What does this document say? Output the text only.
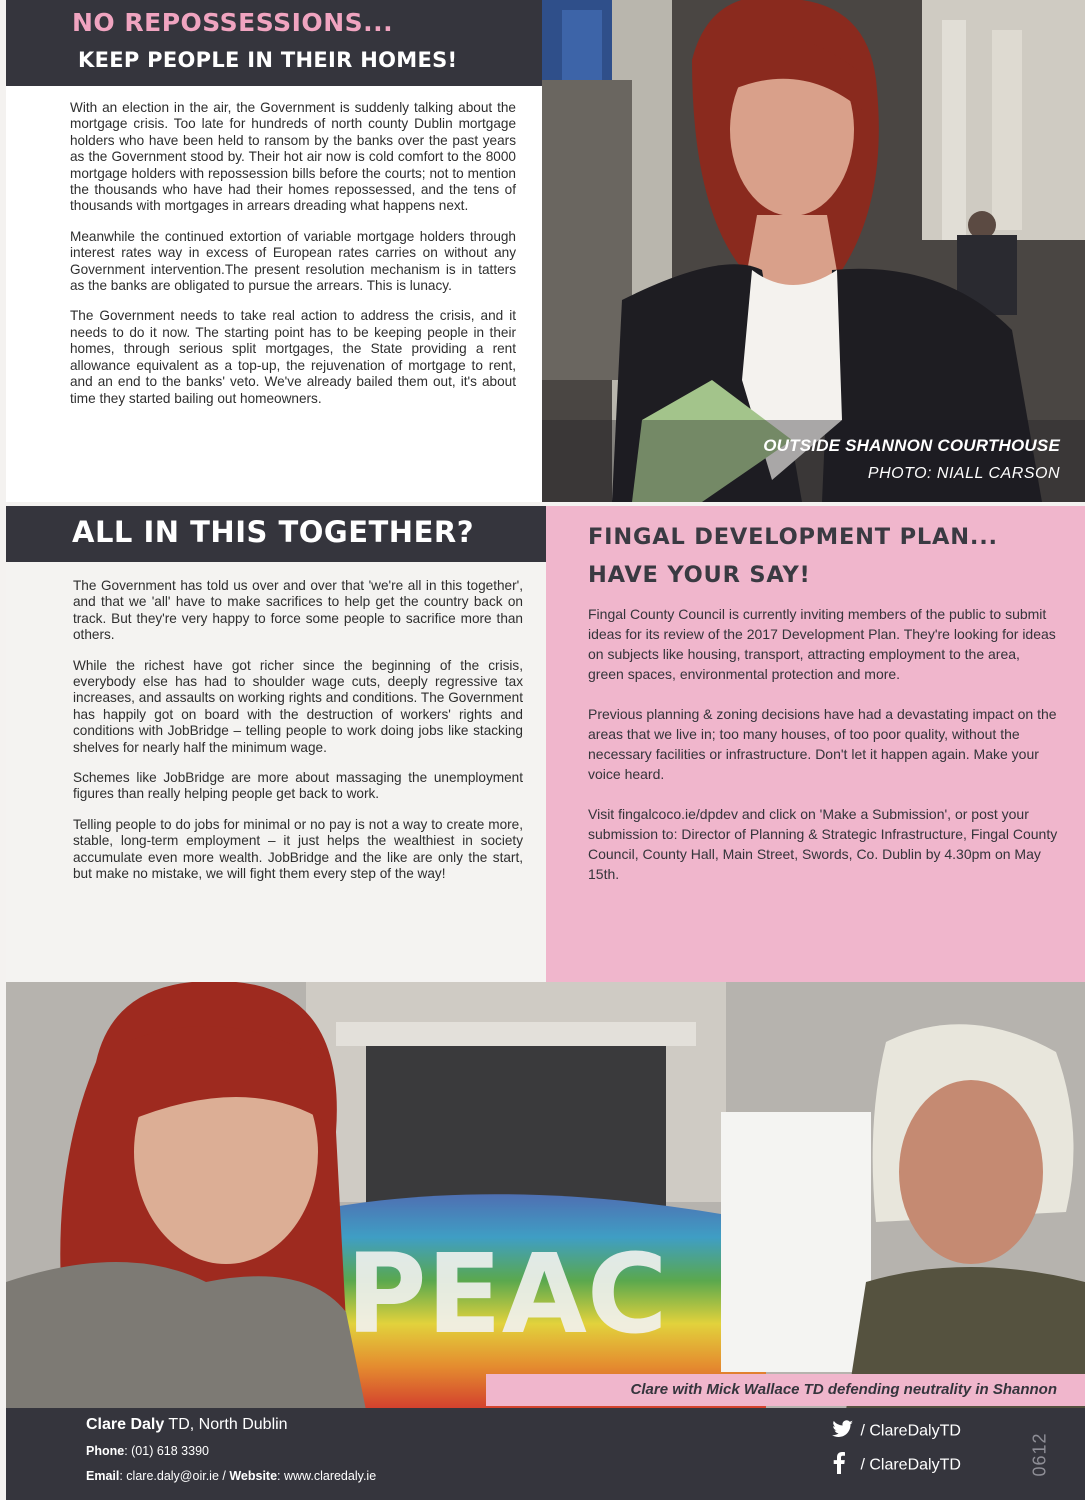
NO REPOSSESSIONS...
KEEP PEOPLE IN THEIR HOMES!

With an election in the air, the Government is suddenly talking about the mortgage crisis. Too late for hundreds of north county Dublin mortgage holders who have been held to ransom by the banks over the past years as the Government stood by. Their hot air now is cold comfort to the 8000 mortgage holders with repossession bills before the courts; not to mention the thousands who have had their homes repossessed, and the tens of thousands with mortgages in arrears dreading what happens next.

Meanwhile the continued extortion of variable mortgage holders through interest rates way in excess of European rates carries on without any Government intervention.The present resolution mechanism is in tatters as the banks are obligated to pursue the arrears. This is lunacy.

The Government needs to take real action to address the crisis, and it needs to do it now. The starting point has to be keeping people in their homes, through serious split mortgages, the State providing a rent allowance equivalent as a top-up, the rejuvenation of mortgage to rent, and an end to the banks' veto. We've already bailed them out, it's about time they started bailing out homeowners.

OUTSIDE SHANNON COURTHOUSE
PHOTO: NIALL CARSON
ALL IN THIS TOGETHER?

The Government has told us over and over that 'we're all in this together', and that we 'all' have to make sacrifices to help get the country back on track. But they're very happy to force some people to sacrifice more than others.

While the richest have got richer since the beginning of the crisis, everybody else has had to shoulder wage cuts, deeply regressive tax increases, and assaults on working rights and conditions. The Government has happily got on board with the destruction of workers' rights and conditions with JobBridge – telling people to work doing jobs like stacking shelves for nearly half the minimum wage.

Schemes like JobBridge are more about massaging the unemployment figures than really helping people get back to work.

Telling people to do jobs for minimal or no pay is not a way to create more, stable, long-term employment – it just helps the wealthiest in society accumulate even more wealth. JobBridge and the like are only the start, but make no mistake, we will fight them every step of the way!

FINGAL DEVELOPMENT PLAN...
HAVE YOUR SAY!

Fingal County Council is currently inviting members of the public to submit ideas for its review of the 2017 Development Plan. They're looking for ideas on subjects like housing, transport, attracting employment to the area, green spaces, environmental protection and more.

Previous planning & zoning decisions have had a devastating impact on the areas that we live in; too many houses, of too poor quality, without the necessary facilities or infrastructure. Don't let it happen again. Make your voice heard.

Visit fingalcoco.ie/dpdev and click on 'Make a Submission', or post your submission to: Director of Planning & Strategic Infrastructure, Fingal County Council, County Hall, Main Street, Swords, Co. Dublin by 4.30pm on May 15th.

PEAC
Clare with Mick Wallace TD defending neutrality in Shannon
Clare Daly TD, North Dublin
Phone: (01) 618 3390
Email: clare.daly@oir.ie / Website: www.claredaly.ie
/ ClareDalyTD
/ ClareDalyTD	0612
